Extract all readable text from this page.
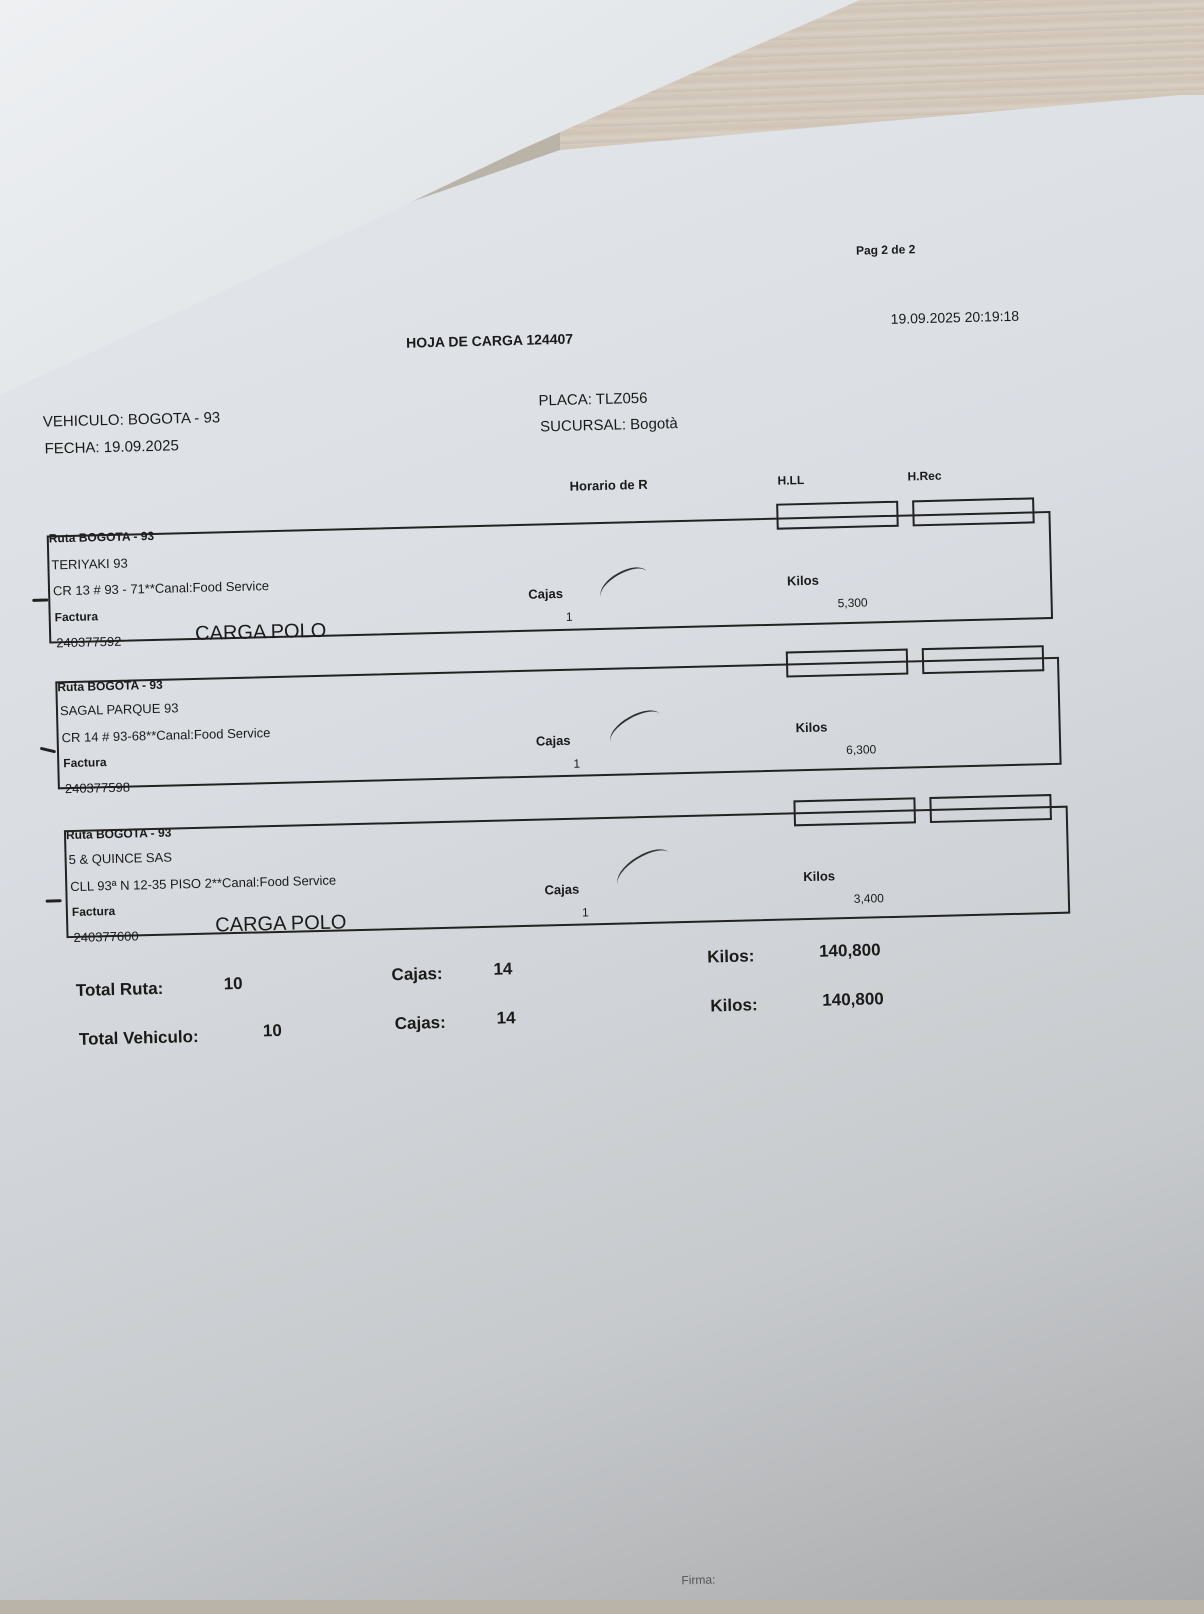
Pag 2 de 2
19.09.2025 20:19:18
HOJA DE CARGA 124407
VEHICULO: BOGOTA - 93
FECHA: 19.09.2025
PLACA: TLZ056
SUCURSAL: Bogotà
Horario de R	H.LL	H.Rec
Ruta BOGOTA - 93
TERIYAKI 93
CR 13 # 93 - 71**Canal:Food Service
Factura
240377592	CARGA POLO
Cajas
1
Kilos
5,300
Ruta BOGOTA - 93
SAGAL PARQUE 93
CR 14 # 93-68**Canal:Food Service
Factura
240377598
Cajas
1
Kilos
6,300
Ruta BOGOTA - 93
5 & QUINCE SAS
CLL 93ª N 12-35 PISO 2**Canal:Food Service
Factura
240377600
CARGA POLO
Cajas
1
Kilos
3,400
Total Ruta:	10	Cajas:	14
Kilos:	140,800
Total Vehiculo:	10	Cajas:	14
Kilos:	140,800
Firma:
